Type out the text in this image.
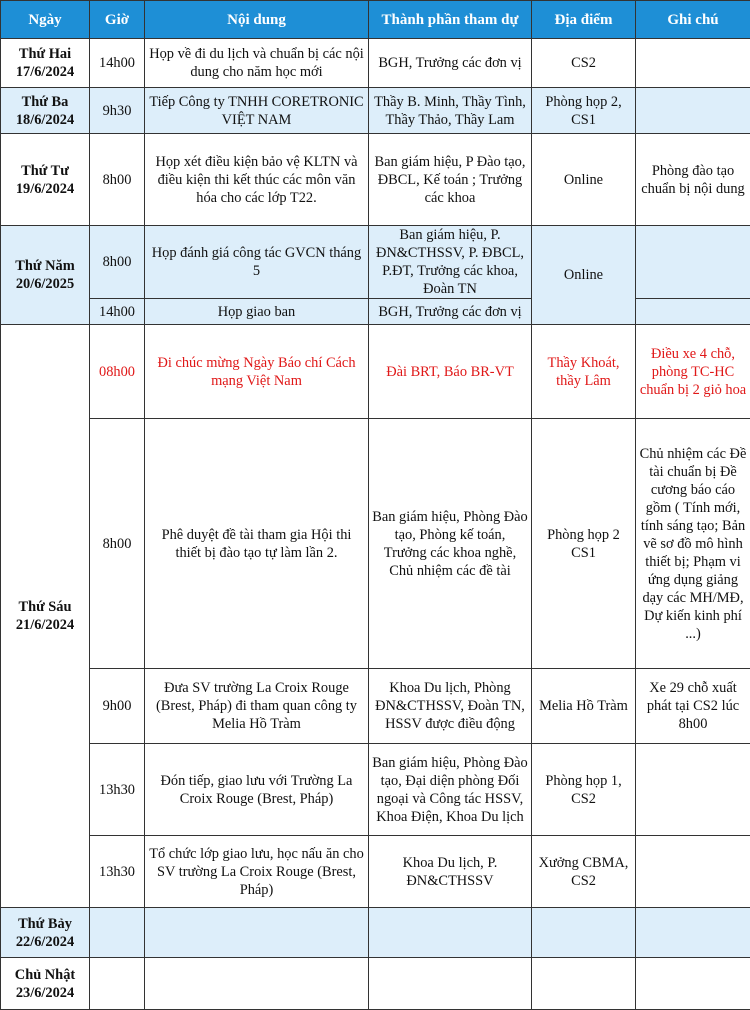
Ngày	Giờ	Nội dung	Thành phần tham dự	Địa điểm	Ghi chú
Thứ Hai
17/6/2024	14h00	Họp về đi du lịch và chuẩn bị các nội dung cho năm học mới	BGH, Trưởng các đơn vị	CS2	
Thứ Ba
18/6/2024	9h30	Tiếp Công ty TNHH CORETRONIC VIỆT NAM	Thầy B. Minh, Thầy Tình, Thầy Thảo, Thầy Lam	Phòng họp 2, CS1	
Thứ Tư
19/6/2024	8h00	Họp xét điều kiện bảo vệ KLTN và điều kiện thi kết thúc các môn văn hóa cho các lớp T22.	Ban giám hiệu, P Đào tạo, ĐBCL, Kế toán ; Trưởng các khoa	Online	Phòng đào tạo chuẩn bị nội dung
Thứ Năm
20/6/2025	8h00	Họp đánh giá công tác GVCN tháng 5	Ban giám hiệu, P. ĐN&CTHSSV, P. ĐBCL, P.ĐT, Trưởng các khoa, Đoàn TN	Online	
	14h00	Họp giao ban	BGH, Trưởng các đơn vị		
Thứ Sáu
21/6/2024	08h00	Đi chúc mừng Ngày Báo chí Cách mạng Việt Nam	Đài BRT, Báo BR-VT	Thầy Khoát, thầy Lâm	Điều xe 4 chỗ, phòng TC-HC chuẩn bị 2 giỏ hoa
	8h00	Phê duyệt đề tài tham gia Hội thi thiết bị đào tạo tự làm lần 2.	Ban giám hiệu, Phòng Đào tạo, Phòng kế toán, Trưởng các khoa nghề, Chủ nhiệm các đề tài	Phòng họp 2 CS1	Chủ nhiệm các Đề tài chuẩn bị Đề cương báo cáo gồm ( Tính mới, tính sáng tạo; Bản vẽ sơ đồ mô hình thiết bị; Phạm vi ứng dụng giảng dạy các MH/MĐ, Dự kiến kinh phí ...)
	9h00	Đưa SV trường La Croix Rouge (Brest, Pháp) đi tham quan công ty Melia Hồ Tràm	Khoa Du lịch, Phòng ĐN&CTHSSV, Đoàn TN, HSSV được điều động	Melia Hồ Tràm	Xe 29 chỗ xuất phát tại CS2 lúc 8h00
	13h30	Đón tiếp, giao lưu với Trường La Croix Rouge (Brest, Pháp)	Ban giám hiệu, Phòng Đào tạo, Đại diện phòng Đối ngoại và Công tác HSSV, Khoa Điện, Khoa Du lịch	Phòng họp 1, CS2	
	13h30	Tổ chức lớp giao lưu, học nấu ăn cho SV trường La Croix Rouge (Brest, Pháp)	Khoa Du lịch, P. ĐN&CTHSSV	Xưởng CBMA, CS2	
Thứ Bảy
22/6/2024					
Chủ Nhật
23/6/2024					
